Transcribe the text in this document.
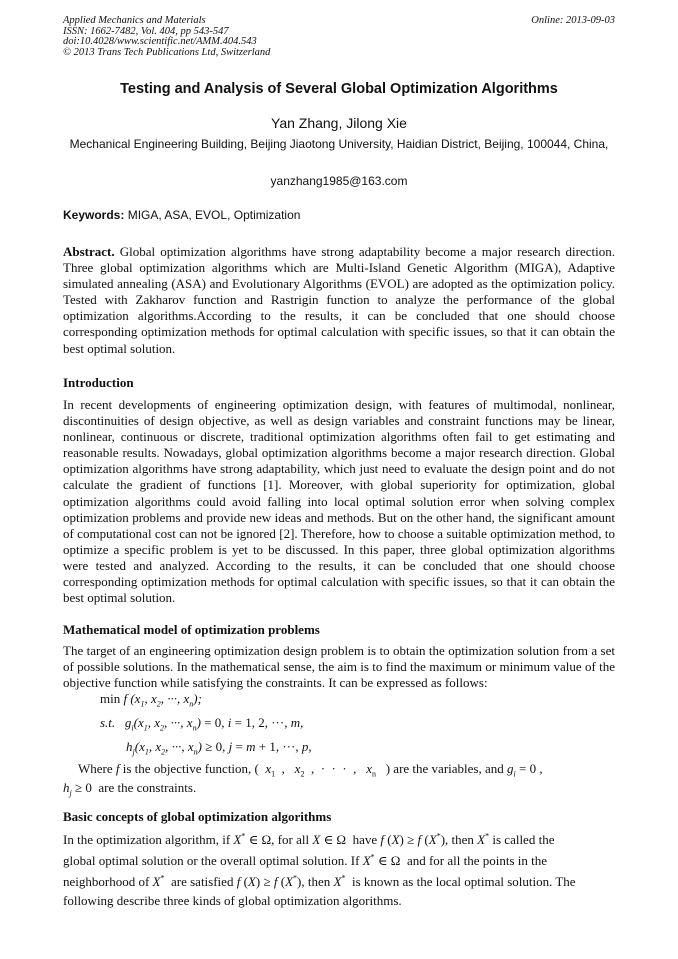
Applied Mechanics and Materials
ISSN: 1662-7482, Vol. 404, pp 543-547
doi:10.4028/www.scientific.net/AMM.404.543
© 2013 Trans Tech Publications Ltd, Switzerland
Online: 2013-09-03
Testing and Analysis of Several Global Optimization Algorithms
Yan Zhang, Jilong Xie
Mechanical Engineering Building, Beijing Jiaotong University, Haidian District, Beijing, 100044, China,
yanzhang1985@163.com
Keywords: MIGA, ASA, EVOL, Optimization
Abstract. Global optimization algorithms have strong adaptability become a major research direction. Three global optimization algorithms which are Multi-Island Genetic Algorithm (MIGA), Adaptive simulated annealing (ASA) and Evolutionary Algorithms (EVOL) are adopted as the optimization policy. Tested with Zakharov function and Rastrigin function to analyze the performance of the global optimization algorithms.According to the results, it can be concluded that one should choose corresponding optimization methods for optimal calculation with specific issues, so that it can obtain the best optimal solution.
Introduction
In recent developments of engineering optimization design, with features of multimodal, nonlinear, discontinuities of design objective, as well as design variables and constraint functions may be linear, nonlinear, continuous or discrete, traditional optimization algorithms often fail to get estimating and reasonable results. Nowadays, global optimization algorithms become a major research direction. Global optimization algorithms have strong adaptability, which just need to evaluate the design point and do not calculate the gradient of functions [1]. Moreover, with global superiority for optimization, global optimization algorithms could avoid falling into local optimal solution error when solving complex optimization problems and provide new ideas and methods. But on the other hand, the significant amount of computational cost can not be ignored [2]. Therefore, how to choose a suitable optimization method, to optimize a specific problem is yet to be discussed. In this paper, three global optimization algorithms were tested and analyzed. According to the results, it can be concluded that one should choose corresponding optimization methods for optimal calculation with specific issues, so that it can obtain the best optimal solution.
Mathematical model of optimization problems
The target of an engineering optimization design problem is to obtain the optimization solution from a set of possible solutions. In the mathematical sense, the aim is to find the maximum or minimum value of the objective function while satisfying the constraints. It can be expressed as follows:
min f ($x_1$, $x_2$, ···, $x_n$);
s.t.   $g_i(x_1$, $x_2$, ···, $x_n) = 0$, i = 1, 2, ···, m,
$h_j(x_1$, $x_2$, ···, $x_n) \ge 0$, j = m + 1, ···, p,
Where f is the objective function, ( $x_1$  ,   $x_2$  ,  ·  ·  ·  ,   $x_n$ ) are the variables, and $g_i = 0$ ,
$h_j \ge 0$  are the constraints.
Basic concepts of global optimization algorithms
In the optimization algorithm, if X* ∈ Ω, for all X ∈ Ω  have f (X) ≥ f (X*), then X* is called the
global optimal solution or the overall optimal solution. If X* ∈ Ω  and for all the points in the
neighborhood of X* are satisfied f (X) ≥ f (X*), then X* is known as the local optimal solution. The
following describe three kinds of global optimization algorithms.
